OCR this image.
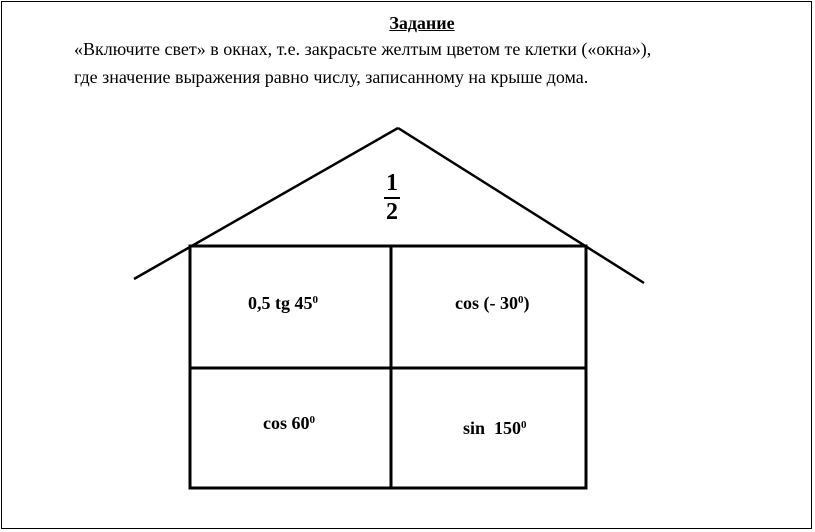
Задание
«Включите свет» в окнах, т.е. закрасьте желтым цветом те клетки («окна»),
где значение выражения равно числу, записанному на крыше дома.
1
2
0,5 tg $45^0$	cos (- $30^0$)
$\cos 60^0$	$\sin 150^0$
